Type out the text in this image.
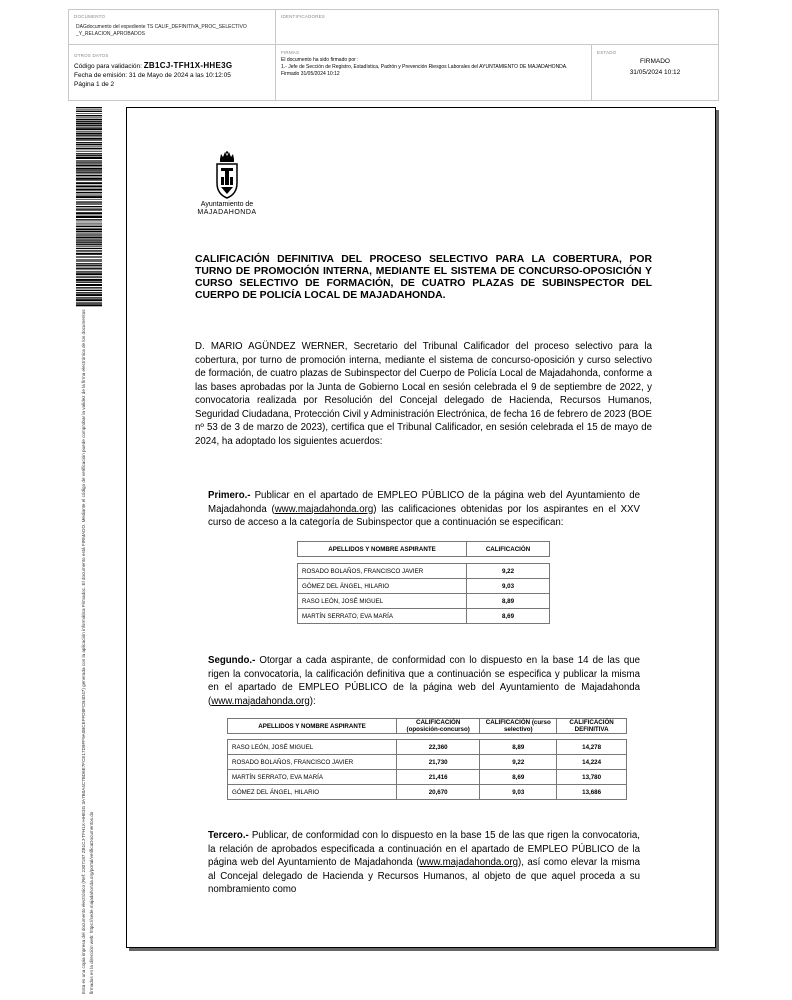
DOCUMENTO
DAGdocumento del expediente TS CALIF_DEFINITIVA_PROC_SELECTIVO _Y_RELACION_APROBADOS
IDENTIFICADORES
OTROS DATOS
Código para validación: ZB1CJ-TFH1X-HHE3G
Fecha de emisión: 31 de Mayo de 2024 a las 10:12:05
Página 1 de 2
FIRMAS
El documento ha sido firmado por :
1.- Jefe de Sección de Registro, Estadística, Padrón y Prevención Riesgos Laborales del AYUNTAMIENTO DE MAJADAHONDA. Firmado 31/05/2024 10:12
ESTADO
FIRMADO
31/05/2024 10:12
Esta es una copia impresa del documento electrónico (Ref: 2307187 ZB1CJ-TFH1X-HHE3G 3A7B0A4C7BD6E7FCE17D9FF9A0BCEFFD8FCB4D47) generada con la aplicación informática Firmadoc. El documento está FIRMADO. Mediante el código de verificación puede comprobar la validez de la firma electrónica de los documentos firmados en la dirección web: https://sede.majadahonda.org/portal/verificaDocumentos.do
Ayuntamiento de
MAJADAHONDA
CALIFICACIÓN DEFINITIVA DEL PROCESO SELECTIVO PARA LA COBERTURA, POR TURNO DE PROMOCIÓN INTERNA, MEDIANTE EL SISTEMA DE CONCURSO-OPOSICIÓN Y CURSO SELECTIVO DE FORMACIÓN, DE CUATRO PLAZAS DE SUBINSPECTOR DEL CUERPO DE POLICÍA LOCAL DE MAJADAHONDA.
D. MARIO AGÜNDEZ WERNER, Secretario del Tribunal Calificador del proceso selectivo para la cobertura, por turno de promoción interna, mediante el sistema de concurso-oposición y curso selectivo de formación, de cuatro plazas de Subinspector del Cuerpo de Policía Local de Majadahonda, conforme a las bases aprobadas por la Junta de Gobierno Local en sesión celebrada el 9 de septiembre de 2022, y convocatoria realizada por Resolución del Concejal delegado de Hacienda, Recursos Humanos, Seguridad Ciudadana, Protección Civil y Administración Electrónica, de fecha 16 de febrero de 2023 (BOE nº 53 de 3 de marzo de 2023), certifica que el Tribunal Calificador, en sesión celebrada el 15 de mayo de 2024, ha adoptado los siguientes acuerdos:
Primero.- Publicar en el apartado de EMPLEO PÚBLICO de la página web del Ayuntamiento de Majadahonda (www.majadahonda.org) las calificaciones obtenidas por los aspirantes en el XXV curso de acceso a la categoría de Subinspector que a continuación se especifican:
APELLIDOS Y NOMBRE ASPIRANTE	CALIFICACIÓN

ROSADO BOLAÑOS, FRANCISCO JAVIER	9,22
GÓMEZ DEL ÁNGEL, HILARIO	9,03
RASO LEÓN, JOSÉ MIGUEL	8,89
MARTÍN SERRATO, EVA MARÍA	8,69
Segundo.- Otorgar a cada aspirante, de conformidad con lo dispuesto en la base 14 de las que rigen la convocatoria, la calificación definitiva que a continuación se especifica y publicar la misma en el apartado de EMPLEO PÚBLICO de la página web del Ayuntamiento de Majadahonda (www.majadahonda.org):
APELLIDOS Y NOMBRE ASPIRANTE	CALIFICACIÓN (oposición-concurso)	CALIFICACIÓN (curso selectivo)	CALIFICACIÓN DEFINITIVA

RASO LEÓN, JOSÉ MIGUEL	22,360	8,89	14,278
ROSADO BOLAÑOS, FRANCISCO JAVIER	21,730	9,22	14,224
MARTÍN SERRATO, EVA MARÍA	21,416	8,69	13,780
GÓMEZ DEL ÁNGEL, HILARIO	20,670	9,03	13,686
Tercero.- Publicar, de conformidad con lo dispuesto en la base 15 de las que rigen la convocatoria, la relación de aprobados especificada a continuación en el apartado de EMPLEO PÚBLICO de la página web del Ayuntamiento de Majadahonda (www.majadahonda.org), así como elevar la misma al Concejal delegado de Hacienda y Recursos Humanos, al objeto de que aquel proceda a su nombramiento como
